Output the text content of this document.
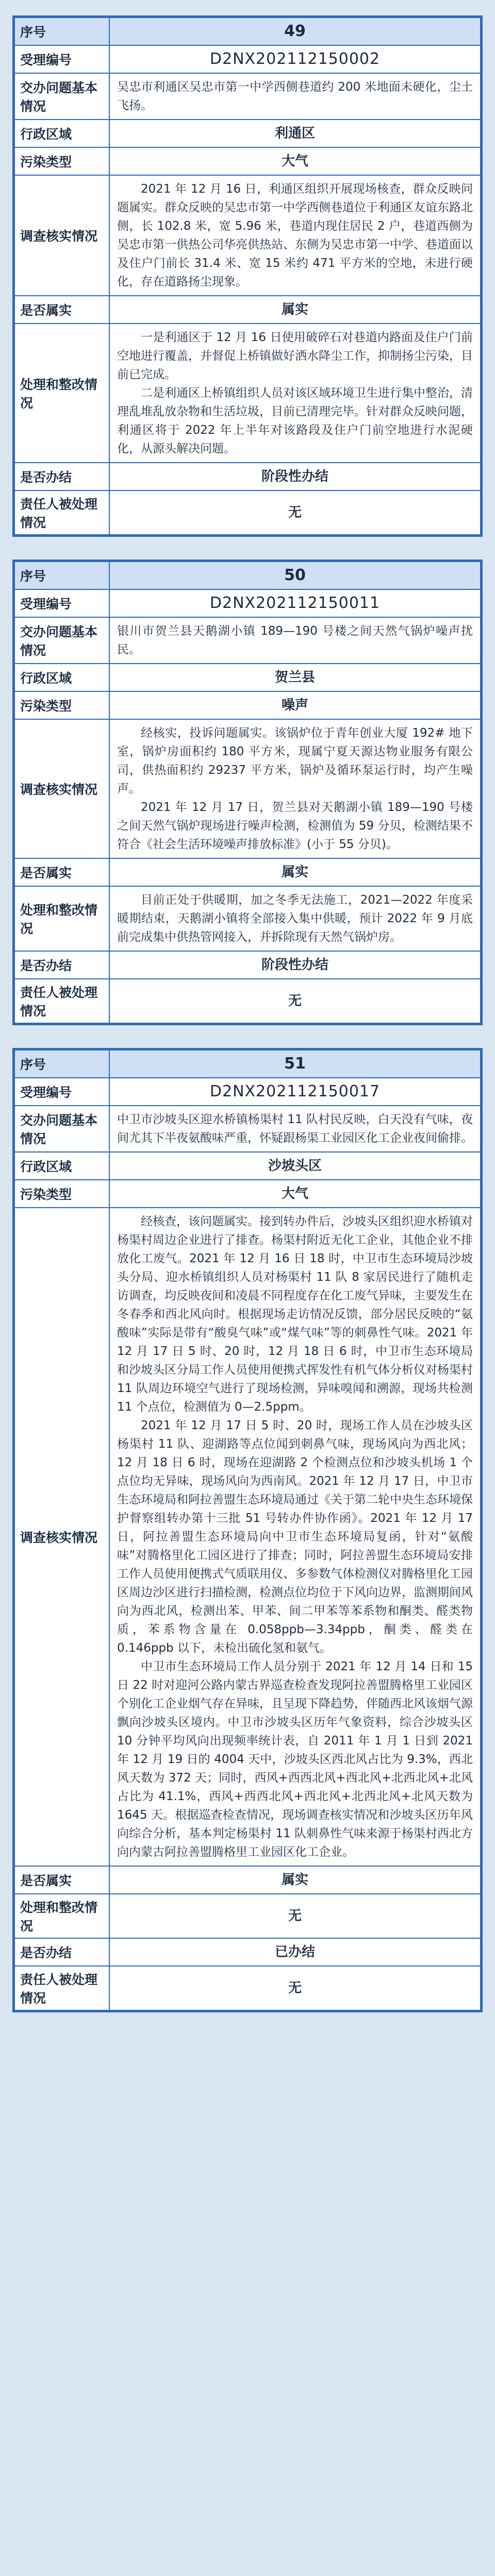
序号	49
受理编号	D2NX202112150002
交办问题基本情况	吴忠市利通区吴忠市第一中学西侧巷道约 200 米地面未硬化，尘土飞扬。
行政区域	利通区
污染类型	大气
调查核实情况	2021 年 12 月 16 日，利通区组织开展现场核查，群众反映问题属实。群众反映的吴忠市第一中学西侧巷道位于利通区友谊东路北侧，长 102.8 米，宽 5.96 米，巷道内现住居民 2 户，巷道西侧为吴忠市第一供热公司华亮供热站、东侧为吴忠市第一中学、巷道面以及住户门前长 31.4 米、宽 15 米约 471 平方米的空地，未进行硬化，存在道路扬尘现象。

是否属实	属实
处理和整改情况	一是利通区于 12 月 16 日使用破碎石对巷道内路面及住户门前空地进行覆盖，并督促上桥镇做好洒水降尘工作，抑制扬尘污染，目前已完成。

二是利通区上桥镇组织人员对该区域环境卫生进行集中整治，清理乱堆乱放杂物和生活垃圾，目前已清理完毕。针对群众反映问题，利通区将于 2022 年上半年对该路段及住户门前空地进行水泥硬化，从源头解决问题。

是否办结	阶段性办结
责任人被处理情况	无
序号	50
受理编号	D2NX202112150011
交办问题基本情况	银川市贺兰县天鹅湖小镇 189—190 号楼之间天然气锅炉噪声扰民。
行政区域	贺兰县
污染类型	噪声
调查核实情况	经核实，投诉问题属实。该锅炉位于青年创业大厦 192# 地下室，锅炉房面积约 180 平方米，现属宁夏天源达物业服务有限公司，供热面积约 29237 平方米，锅炉及循环泵运行时，均产生噪声。

2021 年 12 月 17 日，贺兰县对天鹅湖小镇 189—190 号楼之间天然气锅炉现场进行噪声检测，检测值为 59 分贝，检测结果不符合《社会生活环境噪声排放标准》(小于 55 分贝)。

是否属实	属实
处理和整改情况	目前正处于供暖期，加之冬季无法施工，2021—2022 年度采暖期结束，天鹅湖小镇将全部接入集中供暖，预计 2022 年 9 月底前完成集中供热管网接入，并拆除现有天然气锅炉房。

是否办结	阶段性办结
责任人被处理情况	无
序号	51
受理编号	D2NX202112150017
交办问题基本情况	中卫市沙坡头区迎水桥镇杨渠村 11 队村民反映，白天没有气味，夜间尤其下半夜氨酸味严重，怀疑跟杨渠工业园区化工企业夜间偷排。
行政区域	沙坡头区
污染类型	大气
调查核实情况	经核查，该问题属实。接到转办件后，沙坡头区组织迎水桥镇对杨渠村周边企业进行了排查。杨渠村附近无化工企业，其他企业不排放化工废气。2021 年 12 月 16 日 18 时，中卫市生态环境局沙坡头分局、迎水桥镇组织人员对杨渠村 11 队 8 家居民进行了随机走访调查，均反映夜间和凌晨不同程度存在化工废气异味，主要发生在冬春季和西北风向时。根据现场走访情况反馈，部分居民反映的“氨酸味”实际是带有“酸臭气味”或“煤气味”等的刺鼻性气味。2021 年 12 月 17 日 5 时、20 时，12 月 18 日 6 时，中卫市生态环境局和沙坡头区分局工作人员使用便携式挥发性有机气体分析仪对杨渠村 11 队周边环境空气进行了现场检测，异味嗅闻和溯源，现场共检测 11 个点位，检测值为 0—2.5ppm。

2021 年 12 月 17 日 5 时、20 时，现场工作人员在沙坡头区杨渠村 11 队、迎湖路等点位闻到刺鼻气味，现场风向为西北风；12 月 18 日 6 时，现场在迎湖路 2 个检测点位和沙坡头机场 1 个点位均无异味，现场风向为西南风。2021 年 12 月 17 日，中卫市生态环境局和阿拉善盟生态环境局通过《关于第二轮中央生态环境保护督察组转办第十三批 51 号转办件协作函》。2021 年 12 月 17 日，阿拉善盟生态环境局向中卫市生态环境局复函，针对“氨酸味”对腾格里化工园区进行了排查；同时，阿拉善盟生态环境局安排工作人员使用便携式气质联用仪、多参数气体检测仪对腾格里化工园区周边沙区进行扫描检测，检测点位均位于下风向边界，监测期间风向为西北风，检测出苯、甲苯、间二甲苯等苯系物和酮类、醛类物质，苯系物含量在 0.058ppb—3.34ppb，酮类、醛类在 0.146ppb 以下，未检出硫化氢和氨气。

中卫市生态环境局工作人员分别于 2021 年 12 月 14 日和 15 日 22 时对迎河公路内蒙古界巡查检查发现阿拉善盟腾格里工业园区个别化工企业烟气存在异味，且呈现下降趋势，伴随西北风该烟气源飘向沙坡头区境内。中卫市沙坡头区历年气象资料，综合沙坡头区 10 分钟平均风向出现频率统计表，自 2011 年 1 月 1 日到 2021 年 12 月 19 日的 4004 天中，沙坡头区西北风占比为 9.3%，西北风天数为 372 天；同时，西风+西西北风+西北风+北西北风+北风占比为 41.1%，西风+西西北风+西北风+北西北风+北风天数为 1645 天。根据巡查检查情况，现场调查核实情况和沙坡头区历年风向综合分析，基本判定杨渠村 11 队刺鼻性气味来源于杨渠村西北方向内蒙古阿拉善盟腾格里工业园区化工企业。

是否属实	属实
处理和整改情况	无
是否办结	已办结
责任人被处理情况	无
